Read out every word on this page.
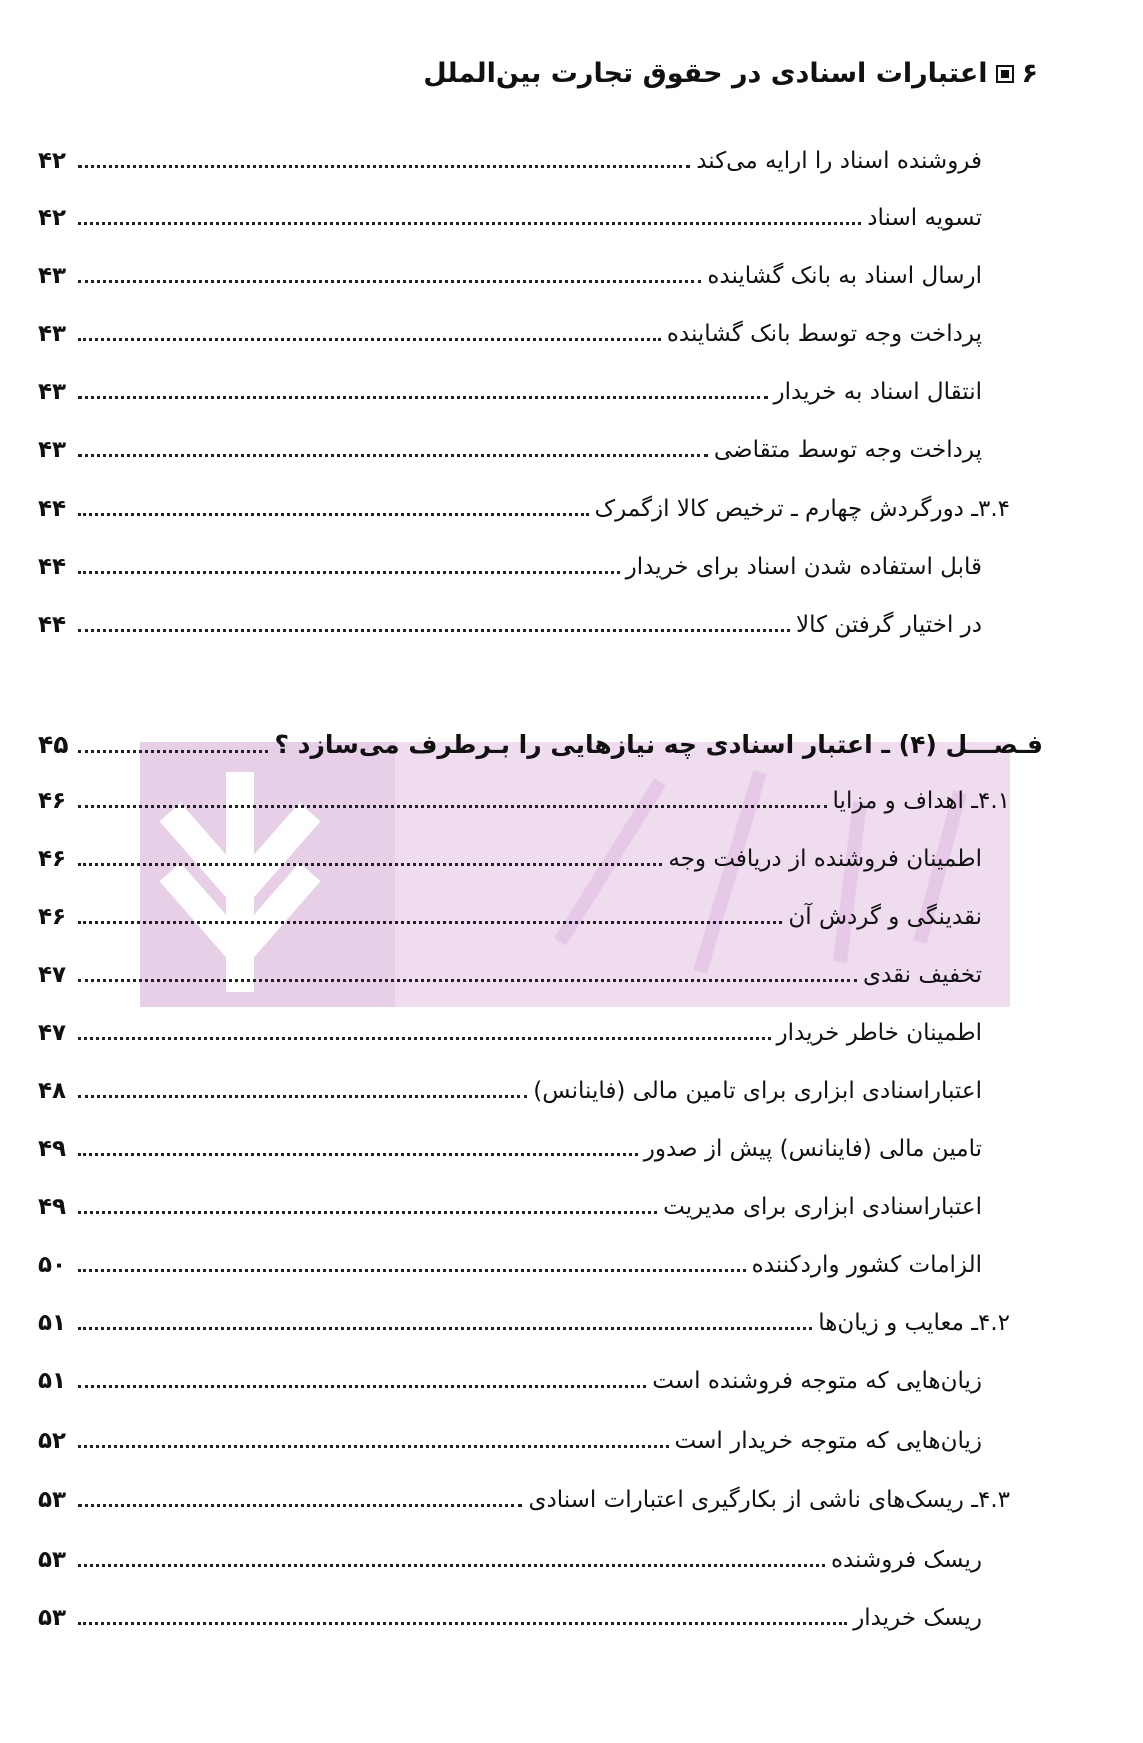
۶
اعتبارات اسنادی در حقوق تجارت بین‌الملل
فروشنده اسناد را ارایه می‌کند
۴۲
تسویه اسناد
۴۲
ارسال اسناد به بانک گشاینده
۴۳
پرداخت وجه توسط بانک گشاینده
۴۳
انتقال اسناد به خریدار
۴۳
پرداخت وجه توسط متقاضی
۴۳
۳.۴ـ دورگردش چهارم ـ ترخیص کالا ازگمرک
۴۴
قابل استفاده شدن اسناد برای خریدار
۴۴
در اختیار گرفتن کالا
۴۴
فـصـــل (۴) ـ اعتبار اسنادی چه نیازهایی را بـرطرف می‌سازد ؟
۴۵
۴.۱ـ اهداف و مزایا
۴۶
اطمینان فروشنده از دریافت وجه
۴۶
نقدینگی و گردش آن
۴۶
تخفیف نقدی
۴۷
اطمینان خاطر خریدار
۴۷
اعتباراسنادی ابزاری برای تامین مالی (فاینانس)
۴۸
تامین مالی (فاینانس) پیش از صدور
۴۹
اعتباراسنادی ابزاری برای مدیریت
۴۹
الزامات کشور واردکننده
۵۰
۴.۲ـ معایب و زیان‌ها
۵۱
زیان‌هایی که متوجه فروشنده است
۵۱
زیان‌هایی که متوجه خریدار است
۵۲
۴.۳ـ ریسک‌های ناشی از بکارگیری اعتبارات اسنادی
۵۳
ریسک فروشنده
۵۳
ریسک خریدار
۵۳
